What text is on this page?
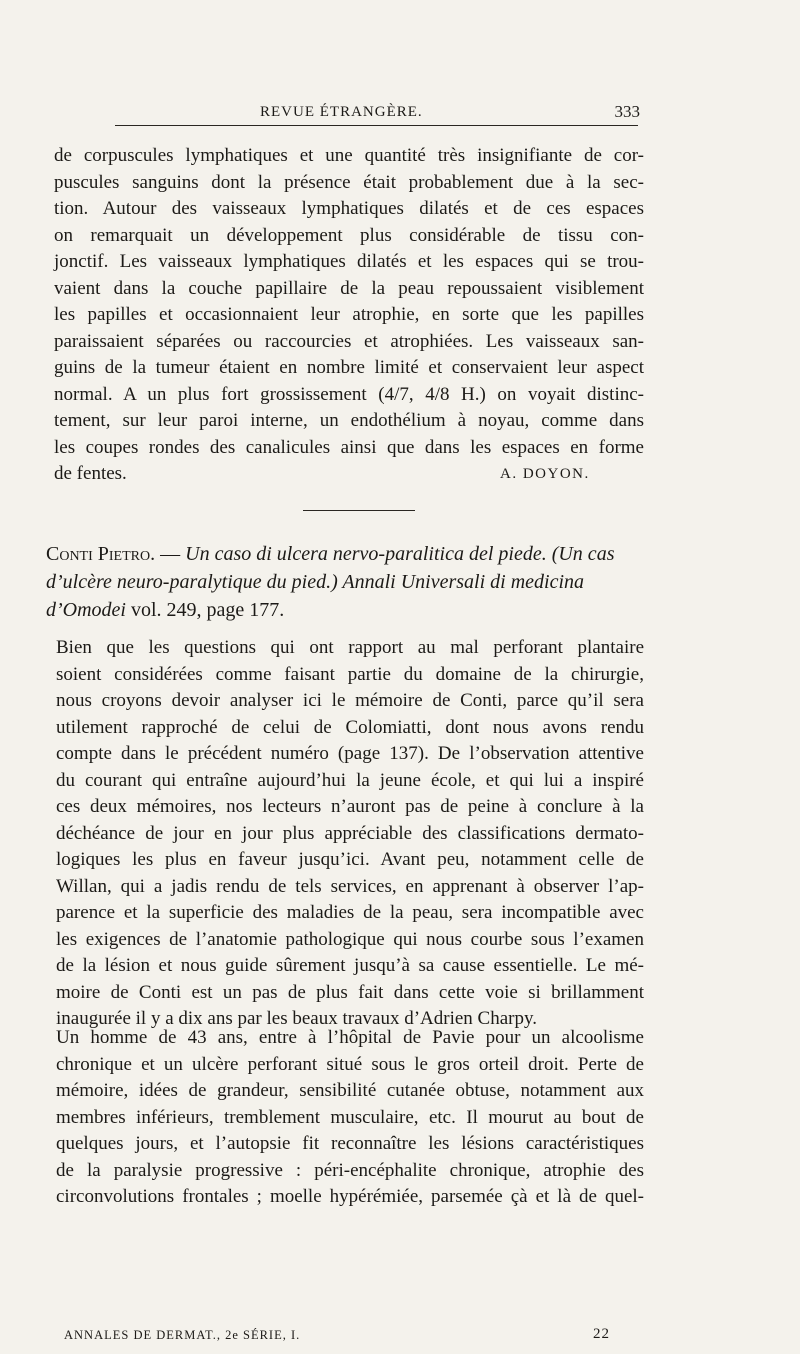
REVUE ÉTRANGÈRE.	333
de corpuscules lymphatiques et une quantité très insignifiante de cor-
puscules sanguins dont la présence était probablement due à la sec-
tion. Autour des vaisseaux lymphatiques dilatés et de ces espaces
on remarquait un développement plus considérable de tissu con-
jonctif. Les vaisseaux lymphatiques dilatés et les espaces qui se trou-
vaient dans la couche papillaire de la peau repoussaient visiblement
les papilles et occasionnaient leur atrophie, en sorte que les papilles
paraissaient séparées ou raccourcies et atrophiées. Les vaisseaux san-
guins de la tumeur étaient en nombre limité et conservaient leur aspect
normal. A un plus fort grossissement (4/7, 4/8 H.) on voyait distinc-
tement, sur leur paroi interne, un endothélium à noyau, comme dans
les coupes rondes des canalicules ainsi que dans les espaces en forme
de fentes.	A. DOYON.
Conti Pietro. — Un caso di ulcera nervo-paralitica del piede. (Un cas
d’ulcère neuro-paralytique du pied.) Annali Universali di medicina
d’Omodei vol. 249, page 177.
Bien que les questions qui ont rapport au mal perforant plantaire
soient considérées comme faisant partie du domaine de la chirurgie,
nous croyons devoir analyser ici le mémoire de Conti, parce qu’il sera
utilement rapproché de celui de Colomiatti, dont nous avons rendu
compte dans le précédent numéro (page 137). De l’observation attentive
du courant qui entraîne aujourd’hui la jeune école, et qui lui a inspiré
ces deux mémoires, nos lecteurs n’auront pas de peine à conclure à la
déchéance de jour en jour plus appréciable des classifications dermato-
logiques les plus en faveur jusqu’ici. Avant peu, notamment celle de
Willan, qui a jadis rendu de tels services, en apprenant à observer l’ap-
parence et la superficie des maladies de la peau, sera incompatible avec
les exigences de l’anatomie pathologique qui nous courbe sous l’examen
de la lésion et nous guide sûrement jusqu’à sa cause essentielle. Le mé-
moire de Conti est un pas de plus fait dans cette voie si brillamment
inaugurée il y a dix ans par les beaux travaux d’Adrien Charpy.
Un homme de 43 ans, entre à l’hôpital de Pavie pour un alcoolisme
chronique et un ulcère perforant situé sous le gros orteil droit. Perte de
mémoire, idées de grandeur, sensibilité cutanée obtuse, notamment aux
membres inférieurs, tremblement musculaire, etc. Il mourut au bout de
quelques jours, et l’autopsie fit reconnaître les lésions caractéristiques
de la paralysie progressive : péri-encéphalite chronique, atrophie des
circonvolutions frontales ; moelle hypérémiée, parsemée çà et là de quel-
ANNALES DE DERMAT., 2e SÉRIE, I.	22
